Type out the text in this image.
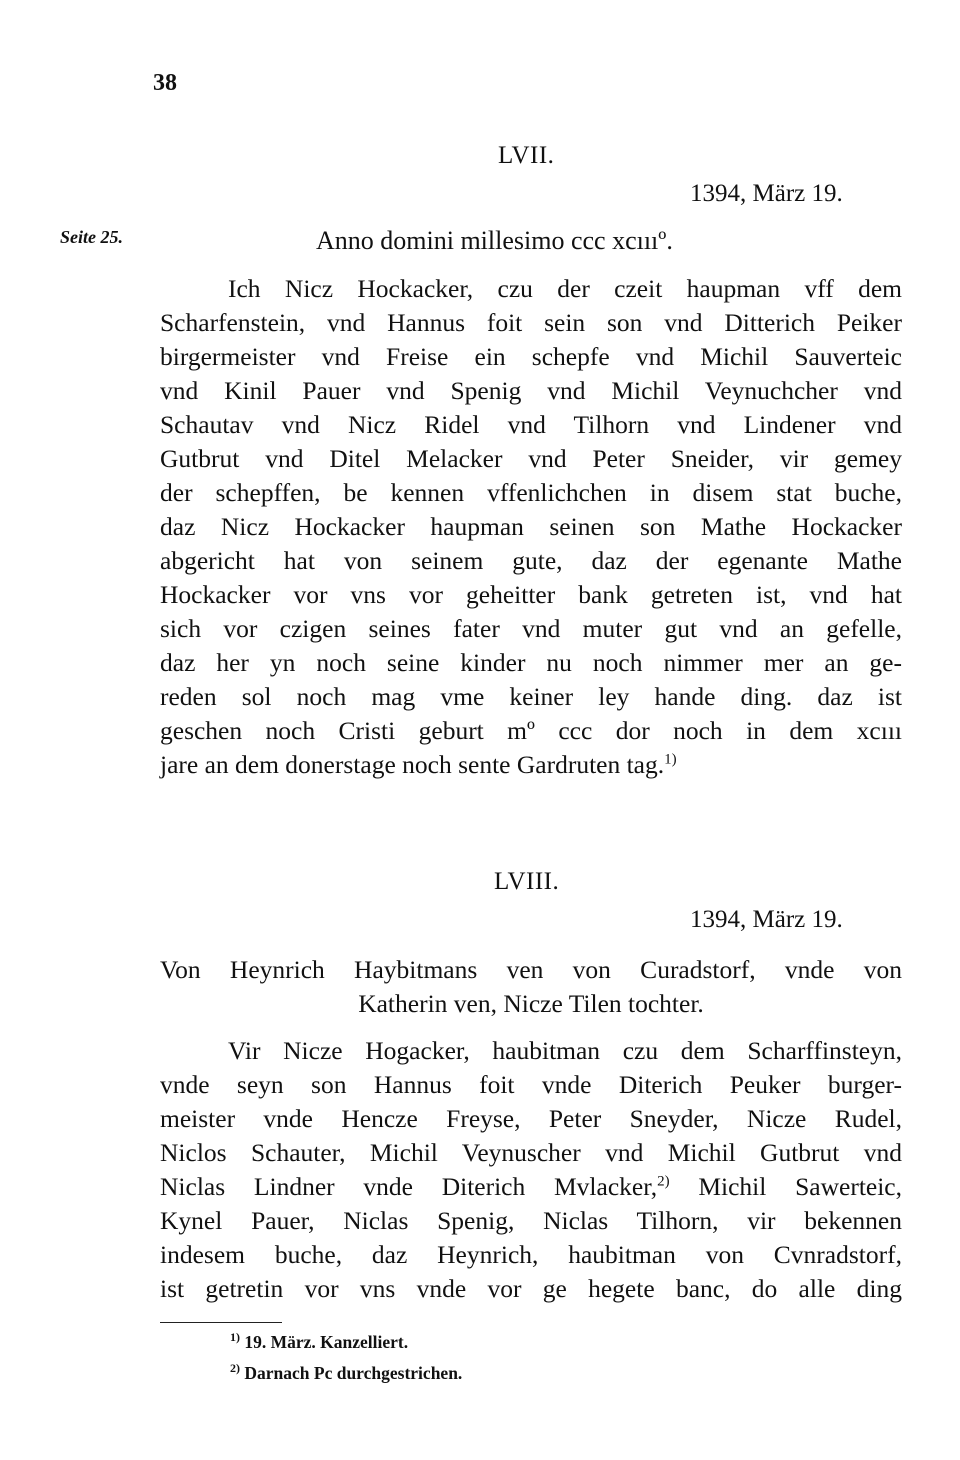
38
LVII.
1394, März 19.
Seite 25.	Anno domini millesimo ccc xcıııº.
Ich Nicz Hockacker, czu der czeit haupman vff dem
Scharfenstein, vnd Hannus foit sein son vnd Ditterich Peiker
birgermeister vnd Freise ein schepfe vnd Michil Sauverteic
vnd Kinil Pauer vnd Spenig vnd Michil Veynuchcher vnd
Schautav vnd Nicz Ridel vnd Tilhorn vnd Lindener vnd
Gutbrut vnd Ditel Melacker vnd Peter Sneider, vir gemey
der schepffen, be kennen vffenlichchen in disem stat buche,
daz Nicz Hockacker haupman seinen son Mathe Hockacker
abgericht hat von seinem gute, daz der egenante Mathe
Hockacker vor vns vor geheitter bank getreten ist, vnd hat
sich vor czigen seines fater vnd muter gut vnd an gefelle,
daz her yn noch seine kinder nu noch nimmer mer an ge-
reden sol noch mag vme keiner ley hande ding. daz ist
geschen noch Cristi geburt mº ccc dor noch in dem xcııı
jare an dem donerstage noch sente Gardruten tag.$^{1)}$
LVIII.
1394, März 19.
Von Heynrich Haybitmans ven von Curadstorf, vnde von
Katherin ven, Nicze Tilen tochter.
Vir Nicze Hogacker, haubitman czu dem Scharffinsteyn,
vnde seyn son Hannus foit vnde Diterich Peuker burger-
meister vnde Hencze Freyse, Peter Sneyder, Nicze Rudel,
Niclos Schauter, Michil Veynuscher vnd Michil Gutbrut vnd
Niclas Lindner vnde Diterich Mvlacker,$^{2)}$ Michil Sawerteic,
Kynel Pauer, Niclas Spenig, Niclas Tilhorn, vir bekennen
indesem buche, daz Heynrich, haubitman von Cvnradstorf,
ist getretin vor vns vnde vor ge hegete banc, do alle ding
$^{1)}$ 19. März. Kanzelliert.
$^{2)}$ Darnach Pc durchgestrichen.
